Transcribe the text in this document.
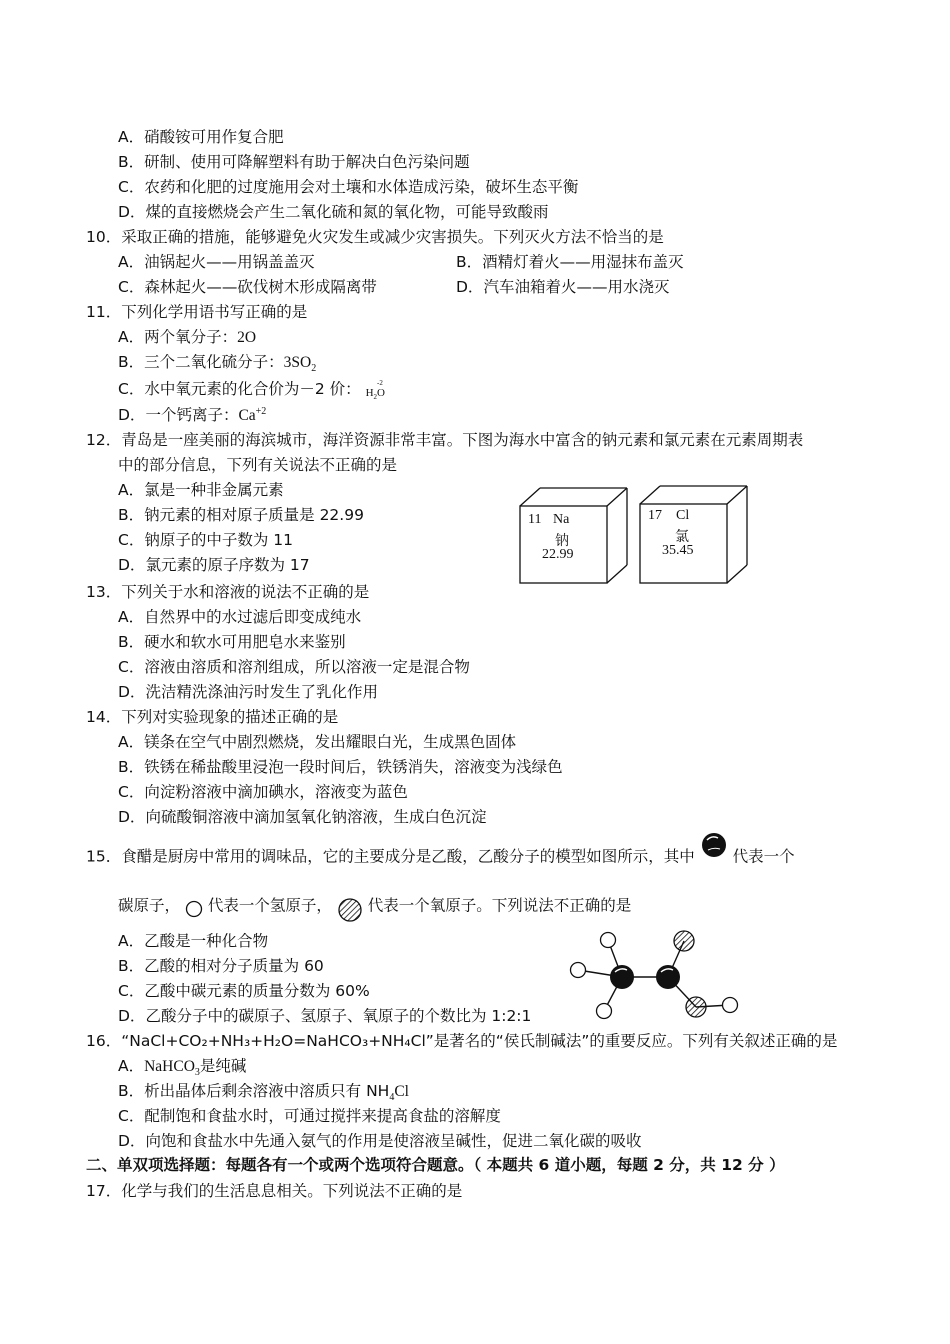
A．硝酸铵可用作复合肥
B．研制、使用可降解塑料有助于解决白色污染问题
C．农药和化肥的过度施用会对土壤和水体造成污染，破坏生态平衡
D．煤的直接燃烧会产生二氧化硫和氮的氧化物，可能导致酸雨
10．采取正确的措施，能够避免火灾发生或减少灾害损失。下列灭火方法不恰当的是
A．油锅起火——用锅盖盖灭	B．酒精灯着火——用湿抹布盖灭
C．森林起火——砍伐树木形成隔离带	D．汽车油箱着火——用水浇灭
11．下列化学用语书写正确的是
A．两个氧分子：2O
B．三个二氧化硫分子：$3SO_2$
C．水中氧元素的化合价为－2 价： $H_2$
-2
O
D．一个钙离子：$Ca^{+2}$
12．青岛是一座美丽的海滨城市，海洋资源非常丰富。下图为海水中富含的钠元素和氯元素在元素周期表
中的部分信息，下列有关说法不正确的是
A．氯是一种非金属元素
B．钠元素的相对原子质量是 22.99
C．钠原子的中子数为 11
D．氯元素的原子序数为 17
11 Na
钠
22.99
17 Cl
氯
35.45
13．下列关于水和溶液的说法不正确的是
A．自然界中的水过滤后即变成纯水
B．硬水和软水可用肥皂水来鉴别
C．溶液由溶质和溶剂组成，所以溶液一定是混合物
D．洗洁精洗涤油污时发生了乳化作用
14．下列对实验现象的描述正确的是
A．镁条在空气中剧烈燃烧，发出耀眼白光，生成黑色固体
B．铁锈在稀盐酸里浸泡一段时间后，铁锈消失，溶液变为浅绿色
C．向淀粉溶液中滴加碘水，溶液变为蓝色
D．向硫酸铜溶液中滴加氢氧化钠溶液，生成白色沉淀
15．食醋是厨房中常用的调味品，它的主要成分是乙酸，乙酸分子的模型如图所示，其中 代表一个
碳原子， 代表一个氢原子， 代表一个氧原子。下列说法不正确的是
A．乙酸是一种化合物
B．乙酸的相对分子质量为 60
C．乙酸中碳元素的质量分数为 60%
D．乙酸分子中的碳原子、氢原子、氧原子的个数比为 1:2:1
16．“NaCl+CO₂+NH₃+H₂O=NaHCO₃+NH₄Cl”是著名的“侯氏制碱法”的重要反应。下列有关叙述正确的是
A．NaHCO$_3$是纯碱
B．析出晶体后剩余溶液中溶质只有 $NH_4Cl$
C．配制饱和食盐水时，可通过搅拌来提高食盐的溶解度
D．向饱和食盐水中先通入氨气的作用是使溶液呈碱性，促进二氧化碳的吸收
二、单双项选择题：每题各有一个或两个选项符合题意。（ 本题共 6 道小题，每题 2 分，共 12 分 ）
17．化学与我们的生活息息相关。下列说法不正确的是
